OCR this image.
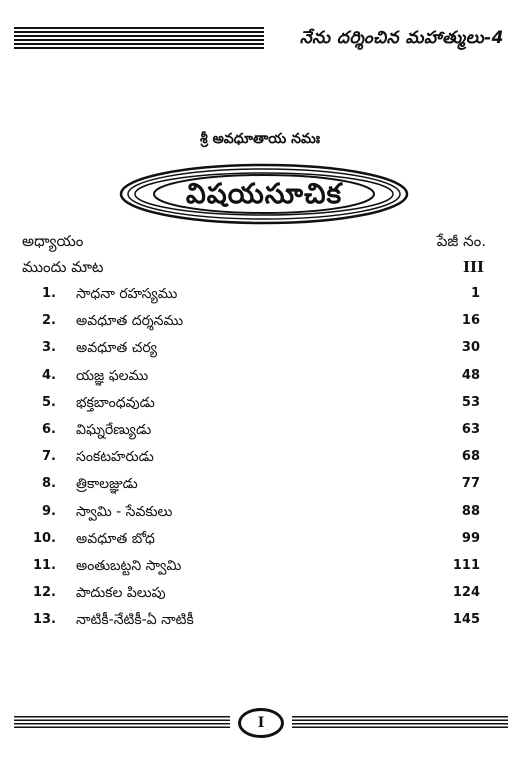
నేను దర్శించిన మహాత్ములు-4
శ్రీ అవధూతాయ నమః
విషయసూచిక
అధ్యాయం	పేజీ నం.
ముందు మాట	III
1. సాధనా రహస్యము	1
2. అవధూత దర్శనము	16
3. అవధూత చర్య	30
4. యజ్ఞ ఫలము	48
5. భక్తబాంధవుడు	53
6. విఘ్నరేణ్యుడు	63
7. సంకటహరుడు	68
8. త్రికాలజ్ఞుడు	77
9. స్వామి - సేవకులు	88
10. అవధూత బోధ	99
11. అంతుబట్టని స్వామి	111
12. పాదుకల పిలుపు	124
13. నాటికీ-నేటికీ-ఏ నాటికీ	145
I
